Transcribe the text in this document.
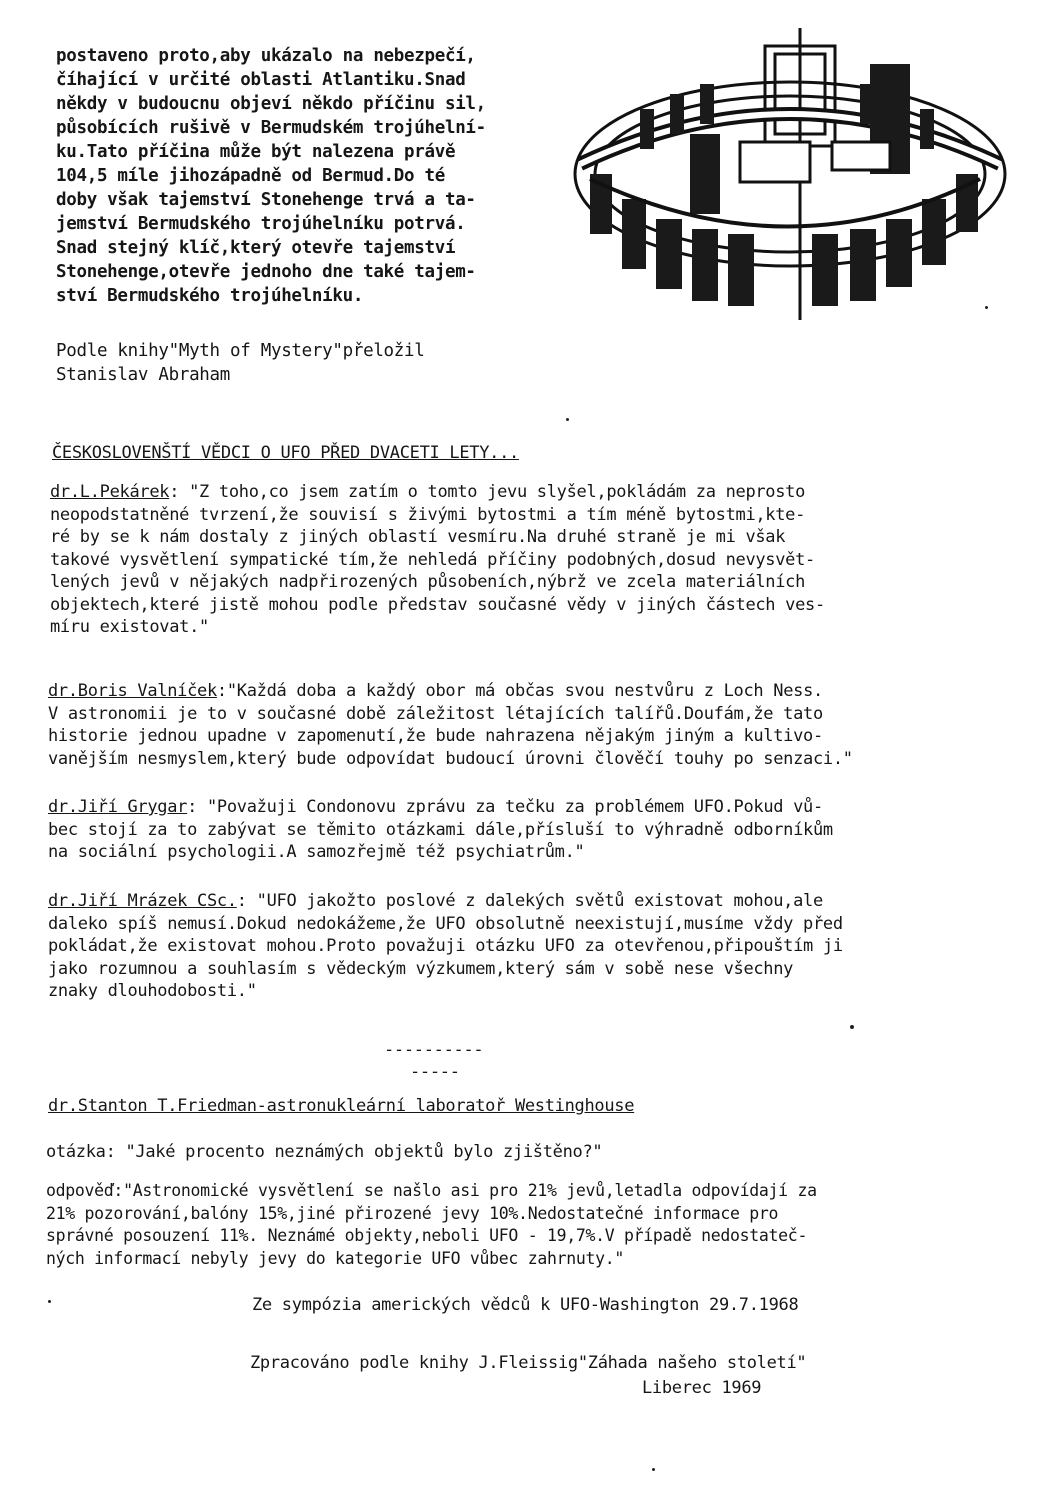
postaveno proto,aby ukázalo na nebezpečí,
číhající v určité oblasti Atlantiku.Snad
někdy v budoucnu objeví někdo příčinu sil,
působících rušivě v Bermudském trojúhelní-
ku.Tato příčina může být nalezena právě
104,5 míle jihozápadně od Bermud.Do té
doby však tajemství Stonehenge trvá a ta-
jemství Bermudského trojúhelníku potrvá.
Snad stejný klíč,který otevře tajemství
Stonehenge,otevře jednoho dne také tajem-
ství Bermudského trojúhelníku.

Podle knihy"Myth of Mystery"přeložil
Stanislav Abraham

ČESKOSLOVENŠTÍ VĚDCI O UFO PŘED DVACETI LETY...

dr.L.Pekárek: "Z toho,co jsem zatím o tomto jevu slyšel,pokládám za neprosto
neopodstatněné tvrzení,že souvisí s živými bytostmi a tím méně bytostmi,kte-
ré by se k nám dostaly z jiných oblastí vesmíru.Na druhé straně je mi však
takové vysvětlení sympatické tím,že nehledá příčiny podobných,dosud nevysvět-
lených jevů v nějakých nadpřirozených působeních,nýbrž ve zcela materiálních
objektech,které jistě mohou podle představ současné vědy v jiných částech ves-
míru existovat."
dr.Boris Valníček:"Každá doba a každý obor má občas svou nestvůru z Loch Ness.
V astronomii je to v současné době záležitost létajících talířů.Doufám,že tato
historie jednou upadne v zapomenutí,že bude nahrazena nějakým jiným a kultivo-
vanějším nesmyslem,který bude odpovídat budoucí úrovni člověčí touhy po senzaci."
dr.Jiří Grygar: "Považuji Condonovu zprávu za tečku za problémem UFO.Pokud vů-
bec stojí za to zabývat se těmito otázkami dále,přísluší to výhradně odborníkům
na sociální psychologii.A samozřejmě též psychiatrům."
dr.Jiří Mrázek CSc.: "UFO jakožto poslové z dalekých světů existovat mohou,ale
daleko spíš nemusí.Dokud nedokážeme,že UFO obsolutně neexistují,musíme vždy před
pokládat,že existovat mohou.Proto považuji otázku UFO za otevřenou,připouštím ji
jako rozumnou a souhlasím s vědeckým výzkumem,který sám v sobě nese všechny
znaky dlouhodobosti."

----------

-----

dr.Stanton T.Friedman-astronukleární laboratoř Westinghouse

otázka: "Jaké procento neznámých objektů bylo zjištěno?"

odpověď:"Astronomické vysvětlení se našlo asi pro 21% jevů,letadla odpovídají za
21% pozorování,balóny 15%,jiné přirozené jevy 10%.Nedostatečné informace pro
správné posouzení 11%. Neznámé objekty,neboli UFO - 19,7%.V případě nedostateč-
ných informací nebyly jevy do kategorie UFO vůbec zahrnuty."

Ze sympózia amerických vědců k UFO-Washington 29.7.1968

Zpracováno podle knihy J.Fleissig"Záhada našeho století"

Liberec 1969
